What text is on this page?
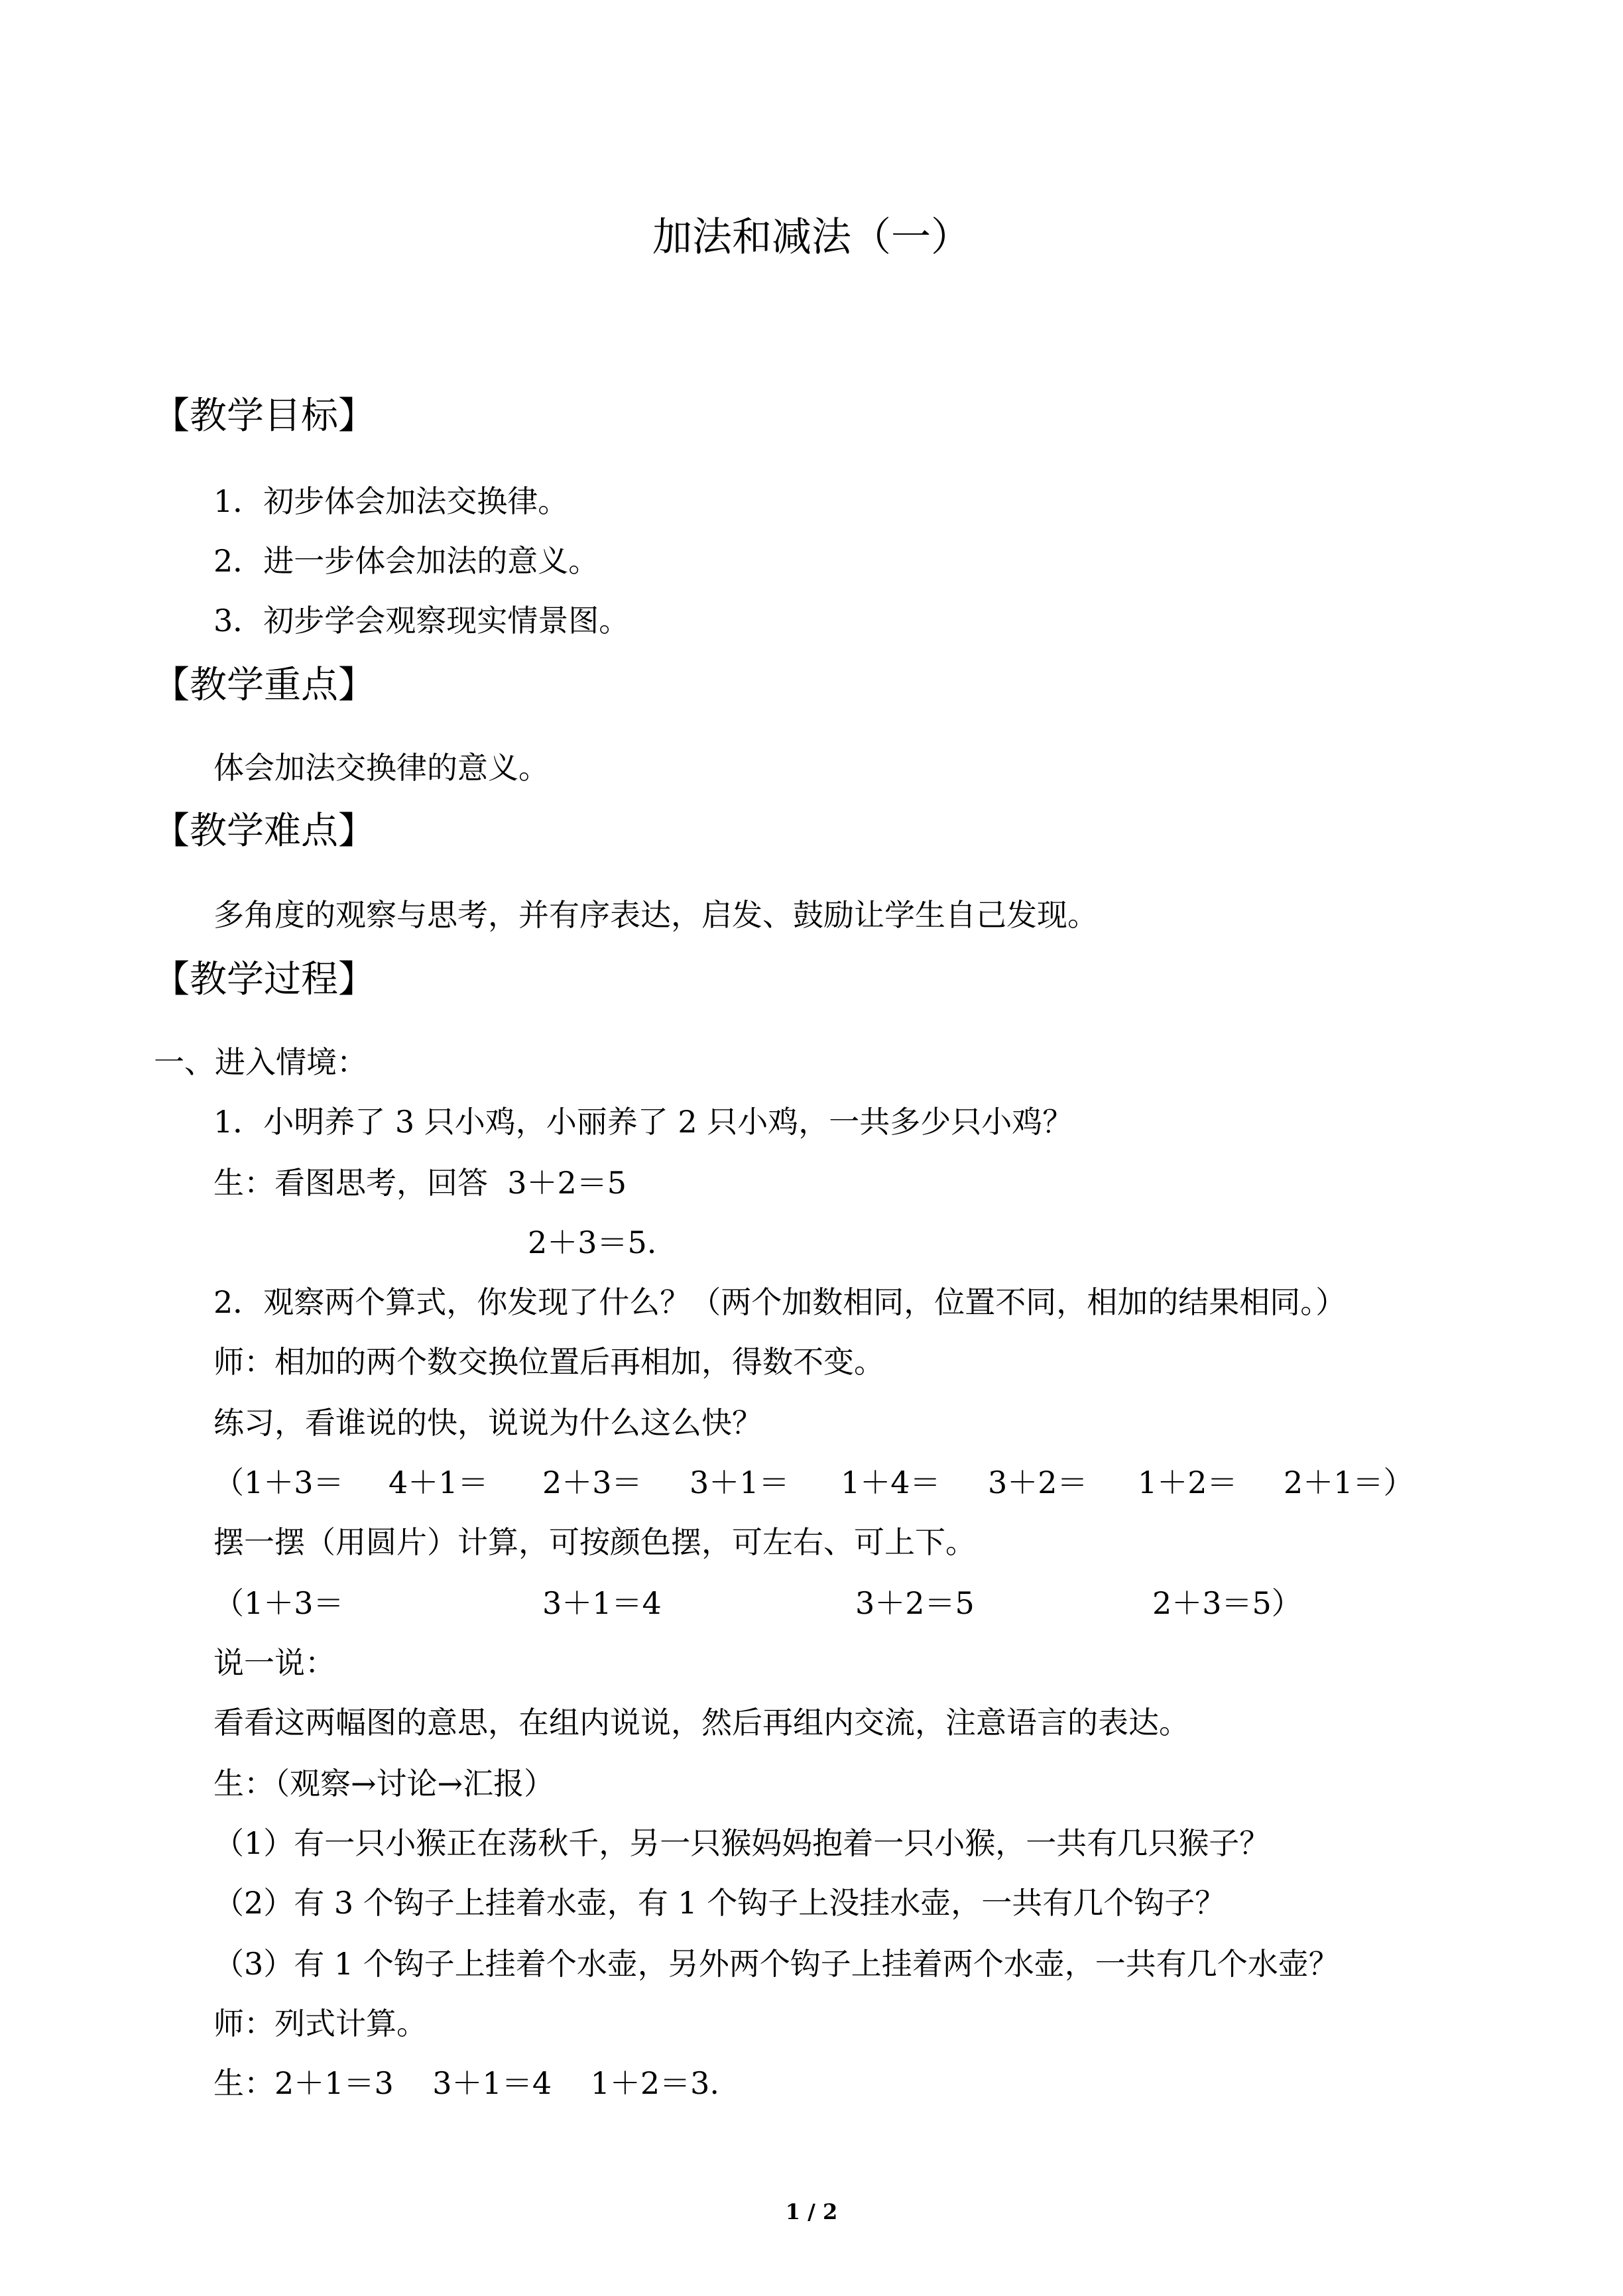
加法和减法（一）
【教学目标】
1．初步体会加法交换律。
2．进一步体会加法的意义。
3．初步学会观察现实情景图。
【教学重点】
体会加法交换律的意义。
【教学难点】
多角度的观察与思考，并有序表达，启发、鼓励让学生自己发现。
【教学过程】
一、进入情境：
1．小明养了 3 只小鸡，小丽养了 2 只小鸡，一共多少只小鸡？
生：看图思考，回答  3＋2＝5
2＋3＝5.
2．观察两个算式，你发现了什么？（两个加数相同，位置不同，相加的结果相同。）
师：相加的两个数交换位置后再相加，得数不变。
练习，看谁说的快，说说为什么这么快？

（1＋3＝

4＋1＝

2＋3＝

3＋1＝

1＋4＝

3＋2＝

1＋2＝

2＋1＝）

摆一摆（用圆片）计算，可按颜色摆，可左右、可上下。

（1＋3＝

	3＋1＝4

	3＋2＝5

	2＋3＝5）

说一说：
看看这两幅图的意思，在组内说说，然后再组内交流，注意语言的表达。
生：（观察→讨论→汇报）
（1）有一只小猴正在荡秋千，另一只猴妈妈抱着一只小猴，一共有几只猴子？
（2）有 3 个钩子上挂着水壶，有 1 个钩子上没挂水壶，一共有几个钩子？
（3）有 1 个钩子上挂着个水壶，另外两个钩子上挂着两个水壶，一共有几个水壶？
师：列式计算。
生：2＋1＝3    3＋1＝4    1＋2＝3.
1 / 2
